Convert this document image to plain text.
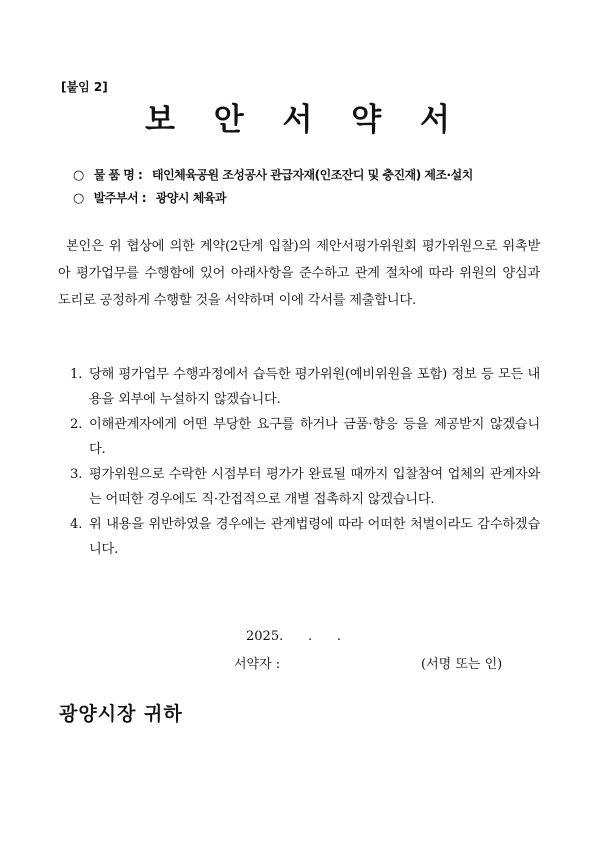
[붙임 2]
보 안 서 약 서
○ 물 품 명 : 태인체육공원 조성공사 관급자재(인조잔디 및 충진재) 제조·설치
○ 발주부서 : 광양시 체육과
본인은 위 협상에 의한 계약(2단계 입찰)의 제안서평가위원회 평가위원으로 위촉받아 평가업무를 수행함에 있어 아래사항을 준수하고 관계 절차에 따라 위원의 양심과 도리로 공정하게 수행할 것을 서약하며 이에 각서를 제출합니다.
1. 당해 평가업무 수행과정에서 습득한 평가위원(예비위원을 포함) 정보 등 모든 내용을 외부에 누설하지 않겠습니다.
2. 이해관계자에게 어떤 부당한 요구를 하거나 금품·향응 등을 제공받지 않겠습니다.
3. 평가위원으로 수락한 시점부터 평가가 완료될 때까지 입찰참여 업체의 관계자와는 어떠한 경우에도 직·간접적으로 개별 접촉하지 않겠습니다.
4. 위 내용을 위반하였을 경우에는 관계법령에 따라 어떠한 처벌이라도 감수하겠습니다.
2025.      .      .
서약자 :	(서명 또는 인)
광양시장 귀하
